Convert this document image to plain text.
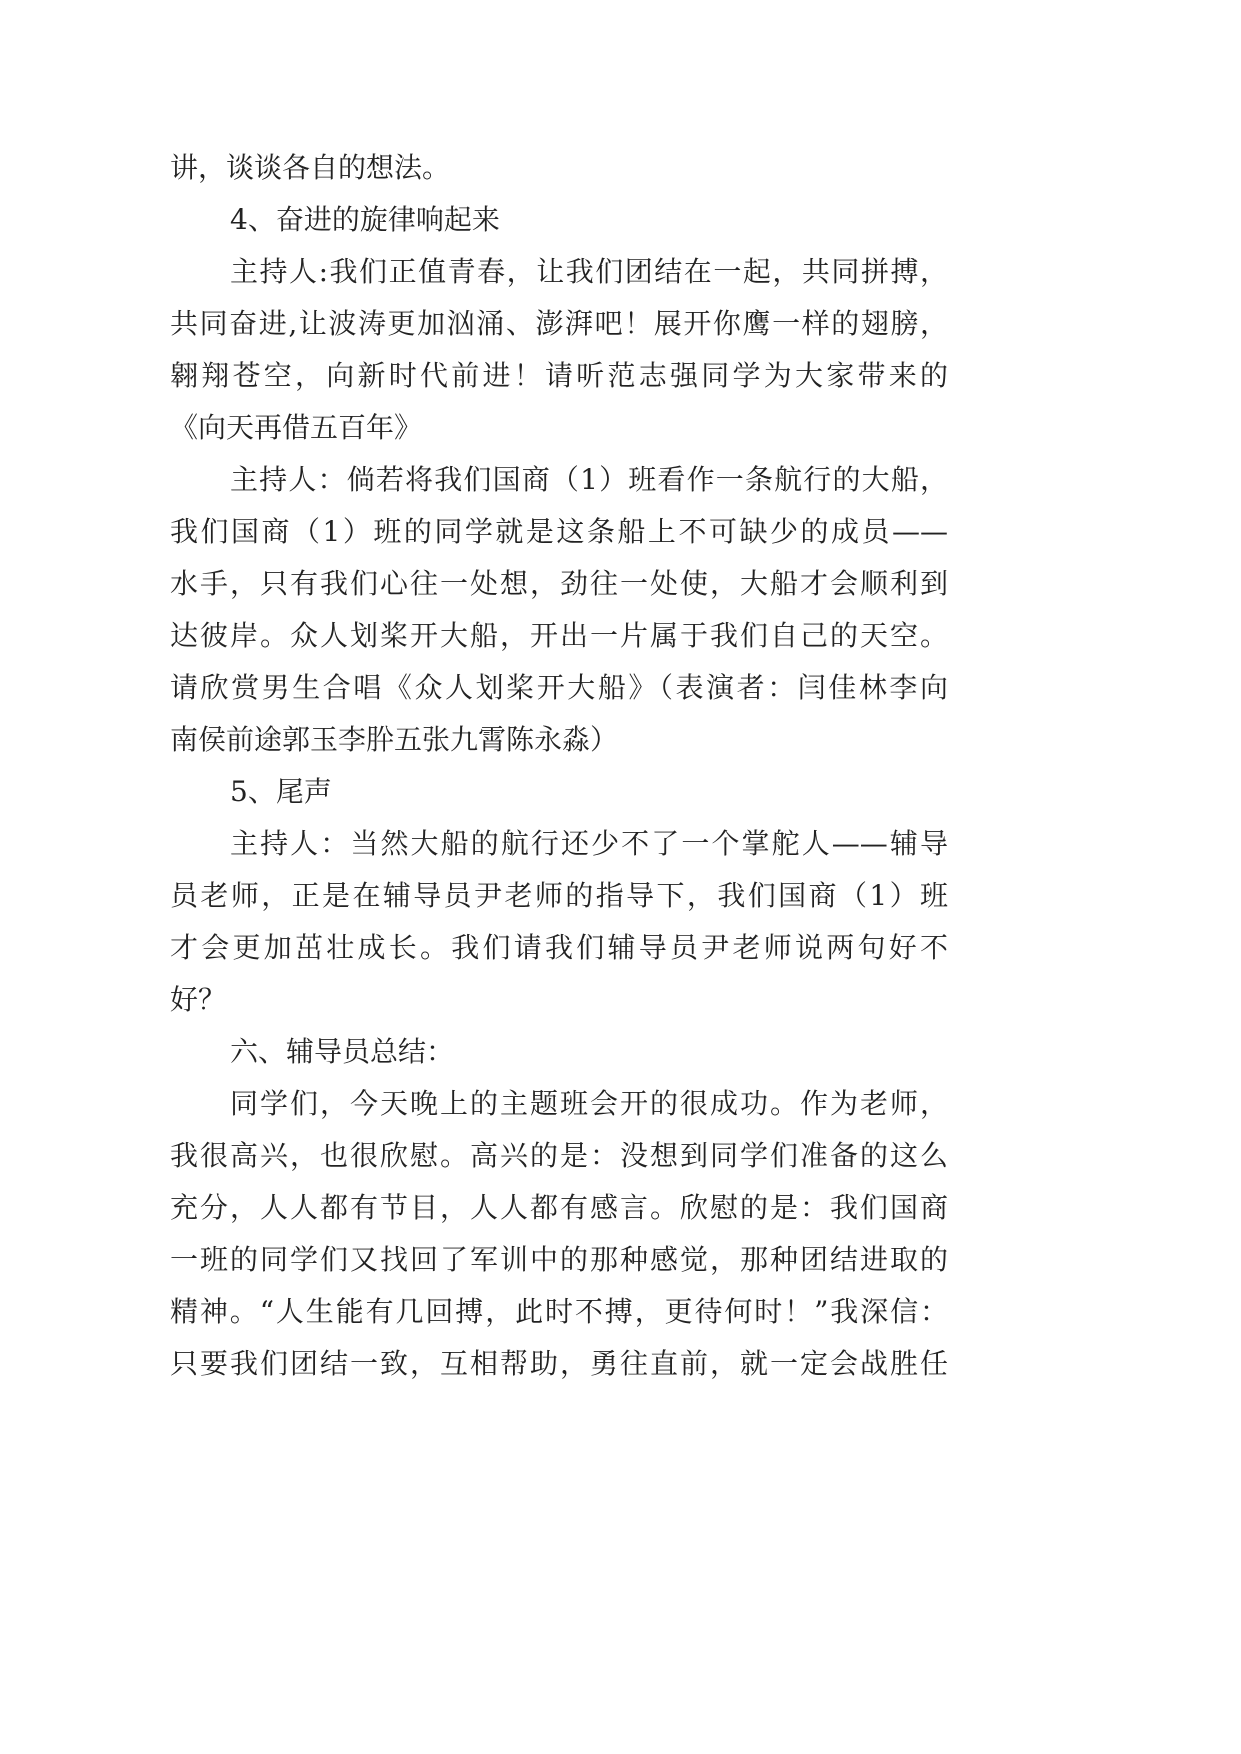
讲，谈谈各自的想法。
4、奋进的旋律响起来
主持人:我们正值青春，让我们团结在一起，共同拼搏，
共同奋进,让波涛更加汹涌、澎湃吧！展开你鹰一样的翅膀，
翱翔苍空，向新时代前进！请听范志强同学为大家带来的
《向天再借五百年》
主持人：倘若将我们国商（1）班看作一条航行的大船，
我们国商（1）班的同学就是这条船上不可缺少的成员——
水手，只有我们心往一处想，劲往一处使，大船才会顺利到
达彼岸。众人划桨开大船，开出一片属于我们自己的天空。
请欣赏男生合唱《众人划桨开大船》（表演者：闫佳林李向
南侯前途郭玉李肸五张九霄陈永淼）
5、尾声
主持人：当然大船的航行还少不了一个掌舵人——辅导
员老师，正是在辅导员尹老师的指导下，我们国商（1）班
才会更加茁壮成长。我们请我们辅导员尹老师说两句好不
好？
六、辅导员总结：
同学们，今天晚上的主题班会开的很成功。作为老师，
我很高兴，也很欣慰。高兴的是：没想到同学们准备的这么
充分，人人都有节目，人人都有感言。欣慰的是：我们国商
一班的同学们又找回了军训中的那种感觉，那种团结进取的
精神。“人生能有几回搏，此时不搏，更待何时！”我深信：
只要我们团结一致，互相帮助，勇往直前，就一定会战胜任
